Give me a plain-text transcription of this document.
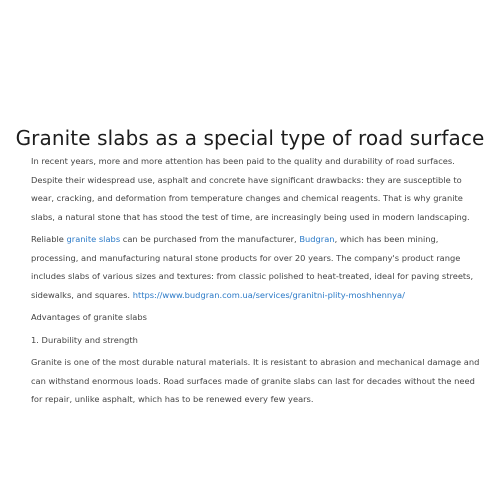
Granite slabs as a special type of road surface

In recent years, more and more attention has been paid to the quality and durability of road surfaces. Despite their widespread use, asphalt and concrete have significant drawbacks: they are susceptible to wear, cracking, and deformation from temperature changes and chemical reagents. That is why granite slabs, a natural stone that has stood the test of time, are increasingly being used in modern landscaping.

Reliable granite slabs can be purchased from the manufacturer, Budgran, which has been mining, processing, and manufacturing natural stone products for over 20 years. The company's product range includes slabs of various sizes and textures: from classic polished to heat-treated, ideal for paving streets, sidewalks, and squares. https://www.budgran.com.ua/services/granitni-plity-moshhennya/

Advantages of granite slabs

1. Durability and strength

Granite is one of the most durable natural materials. It is resistant to abrasion and mechanical damage and can withstand enormous loads. Road surfaces made of granite slabs can last for decades without the need for repair, unlike asphalt, which has to be renewed every few years.
